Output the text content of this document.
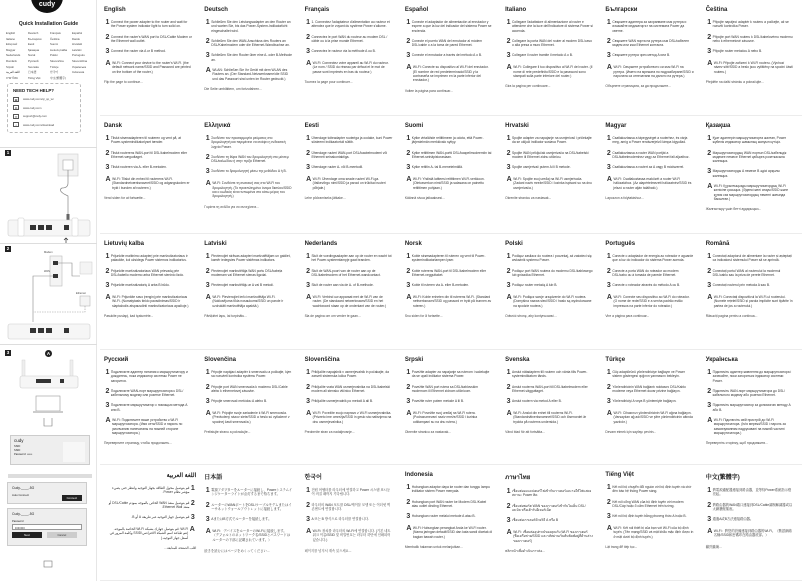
cudy
Quick Installation Guide
English	Deutsch	Français	Español
Italiano	Български	Čeština	Dansk
Ελληνικά	Eesti	Suomi	Hrvatski
Magyar	Қазақша	Lietuvių kalba	Latviski
Nederlands	Norsk	Polski	Português
Română	Русский	Slovenčina	Slovenščina
Srpski	Svenska	Türkçe	Українська
اللغة العربية	日本語	한국어	Indonesia
ภาษาไทย	Tiếng Việt	中文(繁體字)
NEED TECH HELP?
▦	www.cudy.com/qr_sp_wr
◍	www.cudy.com
✉	support@cudy.com
⤓	www.cudy.com/download
1
2
Modem
WAN
Ethernet
3	A
cudy
SSID:
SSID:
Password: ••••••
Cudy-____-5G
Auto Connect
Connect
Cudy-____-5G
Password
•••••••
Next	Cancel
English
1 Connect the power adapter to the router and wait for the Power system indicator light to turn solid on.
2 Connect the router's WAN port to DSL/Cable Modem or the Ethernet wall outlet.
3 Connect the router via A or B method.
A Wi-Fi: Connect your device to the router's Wi-Fi. (the default network name/SSID and Password are printed on the bottom of the router.)
Flip the page to continue...
Deutsch
1 Schließen Sie den Leistungsadapter an den Router an und warten Sie, bis das Power-System-Indikatorlicht eingeschaltet wird.
2 Schließen Sie den WAN-Anschluss des Routers an DSL/Kabelmodem oder die Ethernet-Wandbuchse an.
3 Schließen Sie den Router über eine A- oder B-Methode an.
A WLAN: Schließen Sie Ihr Gerät mit dem WLAN des Routers an. (Der Standard-Netzwerkname/die SSID und das Passwort sind unten im Router gedruckt.)
Die Seite umblättern, um fortzufahren...
Français
1 1. Connectez l'adaptateur d'alimentation au routeur et attendez que le voyant du système Power s'allume.
2 Connectez le port WAN du routeur au modem DSL / câble ou à la prise murale Ethernet.
3 Connectez le routeur via la méthode A ou B.
A Wi-Fi: Connectez votre appareil au Wi-Fi du routeur. (Le nom / SSID du réseau par défaut et le mot de passe sont imprimés en bas du routeur.)
Tournez la page pour continuer...
Español
1 Conecte el adaptador de alimentación al enrutador y espere a que la luz del indicador del sistema Power se encienda.
2 Conecte el puerto WAN del enrutador al módem DSL/cable o a la toma de pared Ethernet.
3 Conecte el enrutador a través del método A o B.
A Wi-Fi: Conecte su dispositivo al Wi-Fi del enrutador. (El nombre de red predeterminado/SSID y la contraseña se imprimen en la parte inferior del enrutador.)
Voltee la página para continuar...
Italiano
1 Collegare l'adattatore di alimentazione al router e attendere che la luce dell'indicatore di sistema Power si accenda.
2 Collegare la porta WAN del router al modem DSL/cavo o alla presa a muro Ethernet.
3 Collegare il router tramite il metodo A o B.
A Wi-Fi: Collegare il tuo dispositivo al Wi-Fi del router. (Il nome di rete predefinito/SSID e la password sono stampati sulla parte inferiore del router.)
Gira la pagina per continuare...
Български
1 Свържете адаптера за захранване към рутера и изчакайте индикаторът на системата Power да светне.
2 Свържете WAN порта на рутера към DSL/кабелен модем или към Ethernet контакта.
3 Свържете рутера чрез метод A или B.
A Wi-Fi: Свържете устройството си към Wi-Fi на рутера. (Името на мрежата по подразбиране/SSID и паролата са отпечатани на дъното на рутера.)
Обърнете страницата, за да продължите...
Čeština
1 Připojte napájecí adaptér k routeru a počkejte, až se rozsvítí kontrolka Power.
2 Připojte port WAN routeru k DSL/kabelovému modemu nebo k ethernetové zásuvce.
3 Připojte router metodou A nebo B.
A Wi-Fi: Připojte zařízení k Wi-Fi routeru. (Výchozí název sítě/SSID a heslo jsou vytištěny na spodní části routeru.)
Přejděte na další stránku a pokračujte...
Dansk
1 Tilslut strømadapteren til routeren og vent på, at Power-systemindikatorlyset tænder.
2 Tilslut routerens WAN-port til DSL/kabelmodem eller Ethernet-vægudtaget.
3 Tilslut routeren via A- eller B-metoden.
A Wi-Fi: Tilslut din enhed til routerens Wi-Fi. (Standardnetværksnavnet/SSID og adgangskoden er trykt i bunden af routeren.)
Vend siden for at fortsætte...
Ελληνικά
1 Συνδέστε τον προσαρμογέα ρεύματος στο δρομολογητή και περιμένετε να ανάψει η ενδεικτική λυχνία Power.
2 Συνδέστε τη θύρα WAN του δρομολογητή στο μόντεμ DSL/καλωδίου ή στην πρίζα Ethernet.
3 Συνδέστε το δρομολογητή μέσω της μεθόδου A ή B.
A Wi-Fi: Συνδέστε τη συσκευή σας στο Wi-Fi του δρομολογητή. (Το προεπιλεγμένο όνομα δικτύου/SSID και ο κωδικός είναι τυπωμένα στο κάτω μέρος του δρομολογητή.)
Γυρίστε τη σελίδα για να συνεχίσετε...
Eesti
1 Ühendage toiteadapter ruuteriga ja oodake, kuni Power süsteemi indikaatortuli süttib.
2 Ühendage ruuteri WAN-port DSL/kaabelmodemi või Etherneti seinakontaktiga.
3 Ühendage ruuter A- või B-meetodil.
A Wi-Fi: Ühendage oma seade ruuteri Wi-Fi-ga. (Vaikevõrgu nimi/SSID ja parool on trükitud ruuteri põhjale.)
Lehe pööramiseks jätkake...
Suomi
1 Kytke virtalähde reitittimeen ja odota, että Power-järjestelmän merkkivalo syttyy.
2 Kytke reitittimen WAN-portti DSL/kaapelimodeemiin tai Ethernet-seinäpistorasiaan.
3 Kytke reititin A- tai B-menetelmällä.
A Wi-Fi: Yhdistä laitteesi reitittimen Wi-Fi-verkkoon. (Oletusverkon nimi/SSID ja salasana on painettu reitittimen pohjaan.)
Käännä sivua jatkaaksesi...
Hrvatski
1 Spojite adapter za napajanje na usmjerivač i pričekajte da se uključi indikator sustava Power.
2 Spojite WAN priključak usmjerivača na DSL/kabelski modem ili Ethernet zidnu utičnicu.
3 Spojite usmjerivač putem A ili B metode.
A Wi-Fi: Spojite svoj uređaj na Wi-Fi usmjerivača. (Zadani naziv mreže/SSID i lozinka ispisani su na dnu usmjerivača.)
Okrenite stranicu za nastavak...
Magyar
1 Csatlakoztassa a tápegységet a routerhez, és várja meg, amíg a Power rendszerjelző lámpa kigyullad.
2 Csatlakoztassa a router WAN portját a DSL/kábelmodemhez vagy az Ethernet fali aljzathoz.
3 Csatlakoztassa a routert az A vagy B módszerrel.
A Wi-Fi: Csatlakoztassa eszközét a router Wi-Fi hálózatához. (Az alapértelmezett hálózatnév/SSID és jelszó a router alján található.)
Lapozzon a folytatáshoz...
Қазақша
1 Қуат адаптерін маршрутизаторға жалғап, Power жүйелік индикатор шамының жануын күтіңіз.
2 Маршрутизатордың WAN портын DSL/кабельдік модемге немесе Ethernet қабырға розеткасына жалғаңыз.
3 Маршрутизаторды A немесе B әдісі арқылы жалғаңыз.
A Wi-Fi: Құрылғыңызды маршрутизатордың Wi-Fi желісіне қосыңыз. (Әдепкі желі атауы/SSID және құпия сөз маршрутизатордың төменгі жағында басылған.)
Жалғастыру үшін бетті аударыңыз...
Lietuvių kalba
1 Prijunkite maitinimo adapterį prie maršrutizatoriaus ir palaukite, kol užsidegs Power sistemos indikatorius.
2 Prijunkite maršrutizatoriaus WAN prievadą prie DSL/kabelio modemo arba Ethernet sieninio lizdo.
3 Prijunkite maršrutizatorių A arba B būdu.
A Wi-Fi: Prijunkite savo įrenginį prie maršrutizatoriaus Wi-Fi. (Numatytasis tinklo pavadinimas/SSID ir slaptažodis atspausdinti maršrutizatoriaus apačioje.)
Pasukite puslapį, kad tęstumėte...
Latviski
1 Pievienojiet strāvas adapteri maršrutētājam un gaidiet, kamēr iedegsies Power sistēmas indikators.
2 Pievienojiet maršrutētāja WAN portu DSL/kabeļa modemam vai Ethernet sienas ligzdai.
3 Pievienojiet maršrutētāju ar A vai B metodi.
A Wi-Fi: Pievienojiet ierīci maršrutētāja Wi-Fi. (Noklusējuma tīkla nosaukums/SSID un parole ir uzdrukāti maršrutētāja apakšā.)
Pāršķiriet lapu, lai turpinātu...
Nederlands
1 Sluit de voedingsadapter aan op de router en wacht tot het Power-systeemlampje gaat branden.
2 Sluit de WAN-poort van de router aan op de DSL/kabelmodem of het Ethernet-wandcontact.
3 Sluit de router aan via de A- of B-methode.
A Wi-Fi: Verbind uw apparaat met de Wi-Fi van de router. (De standaard netwerknaam/SSID en het wachtwoord staan op de onderkant van de router.)
Sla de pagina om om verder te gaan...
Norsk
1 Koble strømadapteren til ruteren og vent til Power-systemindikatorlampen lyser.
2 Koble ruterens WAN-port til DSL/kabelmodem eller Ethernet-vegguttaket.
3 Koble til ruteren via A- eller B-metoden.
A Wi-Fi: Koble enheten din til ruterens Wi-Fi. (Standard nettverksnavn/SSID og passord er trykt på bunnen av ruteren.)
Snu siden for å fortsette...
Polski
1 Podłącz zasilacz do routera i poczekaj, aż zaświeci się wskaźnik systemu Power.
2 Podłącz port WAN routera do modemu DSL/kablowego lub gniazdka Ethernet.
3 Podłącz router metodą A lub B.
A Wi-Fi: Podłącz swoje urządzenie do Wi-Fi routera. (Domyślna nazwa sieci/SSID i hasło są wydrukowane na spodzie routera.)
Odwróć stronę, aby kontynuować...
Português
1 Conecte o adaptador de energia ao roteador e aguarde que a luz do indicador do sistema Power acenda.
2 Conecte a porta WAN do roteador ao modem DSL/cabo ou à tomada de parede Ethernet.
3 Conecte o roteador através do método A ou B.
A Wi-Fi: Conecte seu dispositivo ao Wi-Fi do roteador. (O nome de rede/SSID e a senha padrão estão impressos na parte inferior do roteador.)
Vire a página para continuar...
Română
1 Conectați adaptorul de alimentare la router și așteptați ca indicatorul sistemului Power să se aprindă.
2 Conectați portul WAN al routerului la modemul DSL/cablu sau la priza de perete Ethernet.
3 Conectați routerul prin metoda A sau B.
A Wi-Fi: Conectați dispozitivul la Wi-Fi-ul routerului. (Numele rețelei/SSID și parola implicite sunt tipărite în partea de jos a routerului.)
Răsuciți pagina pentru a continua...
Русский
1 Подключите адаптер питания к маршрутизатору и дождитесь, пока индикатор системы Power не загорится.
2 Подключите WAN-порт маршрутизатора к DSL/кабельному модему или розетке Ethernet.
3 Подключите маршрутизатор с помощью метода A или B.
A Wi-Fi: Подключите ваше устройство к Wi-Fi маршрутизатора. (Имя сети/SSID и пароль по умолчанию напечатаны на нижней стороне маршрутизатора.)
Переверните страницу, чтобы продолжить...
Slovenčina
1 Pripojte napájací adaptér k smerovaču a počkajte, kým sa rozsvieti kontrolka systému Power.
2 Pripojte port WAN smerovača k modemu DSL/Cable alebo k ethernetovej zásuvke.
3 Pripojte smerovač metódou A alebo B.
A Wi-Fi: Pripojte svoje zariadenie k Wi-Fi smerovača. (Predvolený názov siete/SSID a heslo sú vytlačené v spodnej časti smerovača.)
Prelistujte stranu a pokračujte...
Slovenščina
1 Priključite napajalnik v usmerjevalnik in počakajte, da zasveti sistemska lučka Power.
2 Priključite vrata WAN usmerjevalnika na DSL/kabelski modem ali stensko vtičnico Ethernet.
3 Priključite usmerjevalnik po metodi A ali B.
A Wi-Fi: Povežite svojo napravo z Wi-Fi usmerjevalnika. (Privzeto ime omrežja/SSID in geslo sta natisnjena na dnu usmerjevalnika.)
Preobrnite stran za nadaljevanje...
Srpski
1 Povežite adapter za napajanje sa ruterom i sačekajte da se upali indikator sistema Power.
2 Povežite WAN port rutera sa DSL/kablovskim modemom ili Ethernet zidnom utičnicom.
3 Povežite ruter putem metode A ili B.
A Wi-Fi: Povežite svoj uređaj na Wi-Fi rutera. (Podrazumevani naziv mreže/SSID i lozinka odštampani su na dnu rutera.)
Okrenite stranicu za nastavak...
Svenska
1 Anslut nätadaptern till routern och vänta tills Power-systemindikatorn tänds.
2 Anslut routerns WAN-port till DSL/kabelmodem eller Ethernet-vägguttaget.
3 Anslut routern via metod A eller B.
A Wi-Fi: Anslut din enhet till routerns Wi-Fi. (Standardnätverksnamnet/SSID och lösenordet är tryckta på routerns undersida.)
Vänd blad för att fortsätta...
Türkçe
1 Güç adaptörünü yönlendiriciye bağlayın ve Power sistem göstergesi ışığının yanmasını bekleyin.
2 Yönlendiricinin WAN bağlantı noktasını DSL/Kablo modeme veya Ethernet duvar prizine bağlayın.
3 Yönlendiriciyi A veya B yöntemiyle bağlayın.
A Wi-Fi: Cihazınızı yönlendiricinin Wi-Fi ağına bağlayın. (Varsayılan ağ adı/SSID ve şifre yönlendiricinin altında yazılıdır.)
Devam etmek için sayfayı çevirin...
Українська
1 Підключіть адаптер живлення до маршрутизатора і зачекайте, поки загориться індикатор системи Power.
2 Підключіть WAN-порт маршрутизатора до DSL/кабельного модему або розетки Ethernet.
3 Підключіть маршрутизатор за допомогою методу A або B.
A Wi-Fi: Підключіть свій пристрій до Wi-Fi маршрутизатора. (Ім'я мережі/SSID і пароль за замовчуванням надруковані на нижній частині маршрутизатора.)
Переверніть сторінку, щоб продовжити...
اللغة العربية
1
قم بتوصيل محول الطاقة بجهاز التوجيه وانتظر حتى يضيء مؤشر نظام Power.
2
قم بتوصيل منفذ WAN الخاص بالموجه بمودم DSL/Cable أو منفذ Ethernet Wall.
3
قم بتوصيل جهاز التوجيه عبر طريقة A أو B.
A
Wi-Fi: قم بتوصيل جهازك بشبكة Wi-Fi الخاصة بالموجه. (تتم طباعة اسم الشبكة الافتراضي/SSID وكلمة المرور في أسفل جهاز التوجيه.)
اقلب الصفحة للمتابعة...
日本語
1 電源アダプターをルーターに接続し、Powerシステムインジケーターライトが点灯するまで待ちます。
2 ルーターのWANポートをDSL/ケーブルモデムまたはイーサネットウォールアウトレットに接続します。
3 AまたはB方式でルーターを接続します。
A Wi-Fi：デバイスをルーターのWi-Fiに接続します。（デフォルトのネットワーク名/SSIDとパスワードはルーターの下部に記載されています。）
続きを読むにはページをめくってください...
한국어
1 전원 어댑터를 라우터에 연결하고 Power 시스템 표시등이 켜질 때까지 기다립니다.
2 라우터의 WAN 포트를 DSL/케이블 모뎀 또는 이더넷 벽 콘센트에 연결합니다.
3 A 또는 B 방식으로 라우터를 연결합니다.
A Wi-Fi: 장치를 라우터의 Wi-Fi에 연결합니다. (기본 네트워크 이름/SSID 및 비밀번호는 라우터 하단에 인쇄되어 있습니다.)
페이지를 넘겨서 계속 읽으세요...
Indonesia
1 Hubungkan adaptor daya ke router dan tunggu lampu indikator sistem Power menyala.
2 Hubungkan port WAN router ke Modem DSL/Kabel atau outlet dinding Ethernet.
3 Hubungkan router melalui metode A atau B.
A Wi-Fi: Hubungkan perangkat Anda ke Wi-Fi router. (Nama jaringan default/SSID dan kata sandi dicetak di bagian bawah router.)
Membalik halaman untuk melanjutkan...
ภาษาไทย
1 เชื่อมต่ออะแดปเตอร์ไฟเข้ากับเราเตอร์และรอให้ไฟแสดงสถานะ Power ติด
2 เชื่อมต่อพอร์ต WAN ของเราเตอร์เข้ากับโมเด็ม DSL/เคเบิล หรือเต้ารับอีเทอร์เน็ต
3 เชื่อมต่อเราเตอร์ด้วยวิธี A หรือ B
A Wi-Fi: เชื่อมต่ออุปกรณ์ของคุณกับ Wi-Fi ของเราเตอร์ (ชื่อเครือข่าย/SSID และรหัสผ่านเริ่มต้นพิมพ์อยู่ที่ด้านล่างของเราเตอร์)
พลิกหน้าเพื่อดำเนินการต่อ...
Tiếng Việt
1 Kết nối bộ chuyển đổi nguồn với bộ định tuyến và chờ đèn báo hệ thống Power sáng.
2 Kết nối cổng WAN của bộ định tuyến với modem DSL/Cáp hoặc ổ cắm Ethernet trên tường.
3 Kết nối bộ định tuyến bằng phương thức A hoặc B.
A Wi-Fi: Kết nối thiết bị của bạn với Wi-Fi của bộ định tuyến. (Tên mạng/SSID và mật khẩu mặc định được in ở mặt dưới bộ định tuyến.)
Lật trang để tiếp tục...
中文(繁體字)
1 將電源適配器連接到路由器，並等待Power系統指示燈亮起。
2 將路由器的WAN端口連接到DSL/Cable調制解調器或以太網牆壁插座。
3 通過A或B方法連接路由器。
A Wi-Fi：將您的設備連接到路由器的Wi-Fi。（默認網絡名稱/SSID和密碼印在路由器底部。）
翻頁繼續...
